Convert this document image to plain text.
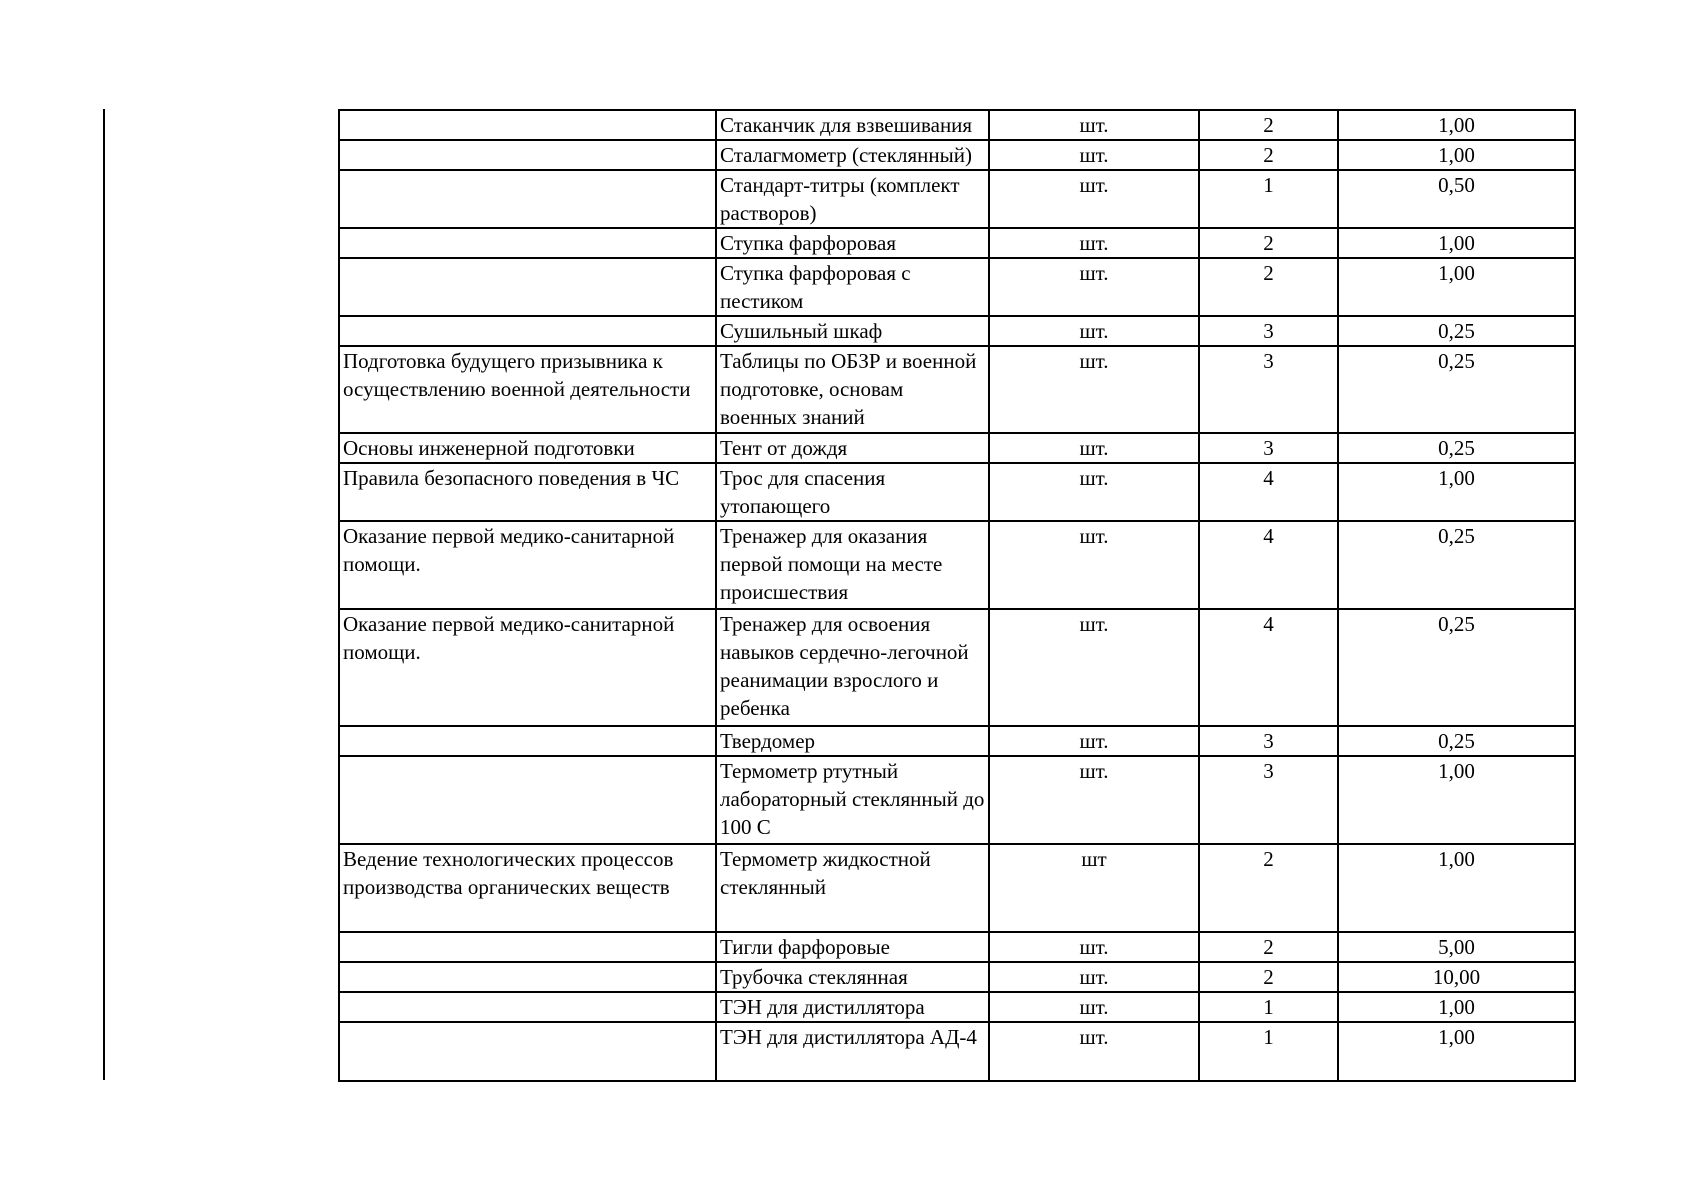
	Стаканчик для взвешивания	шт.	2	1,00
	Сталагмометр (стеклянный)	шт.	2	1,00
	Стандарт-титры (комплект растворов)	шт.	1	0,50
	Ступка фарфоровая	шт.	2	1,00
	Ступка фарфоровая с пестиком	шт.	2	1,00
	Сушильный шкаф	шт.	3	0,25
Подготовка будущего призывника к осуществлению военной деятельности	Таблицы по ОБЗР и военной подготовке, основам военных знаний	шт.	3	0,25
Основы инженерной подготовки	Тент от дождя	шт.	3	0,25
Правила безопасного поведения в ЧС	Трос для спасения утопающего	шт.	4	1,00
Оказание первой медико-санитарной помощи.	Тренажер для оказания первой помощи на месте происшествия	шт.	4	0,25
Оказание первой медико-санитарной помощи.	Тренажер для освоения навыков сердечно-легочной реанимации взрослого и ребенка	шт.	4	0,25
	Твердомер	шт.	3	0,25
	Термометр ртутный лабораторный стеклянный до 100 С	шт.	3	1,00
Ведение технологических процессов производства органических веществ	Термометр жидкостной стеклянный	шт	2	1,00
	Тигли фарфоровые	шт.	2	5,00
	Трубочка стеклянная	шт.	2	10,00
	ТЭН для дистиллятора	шт.	1	1,00
	ТЭН для дистиллятора АД-4	шт.	1	1,00
